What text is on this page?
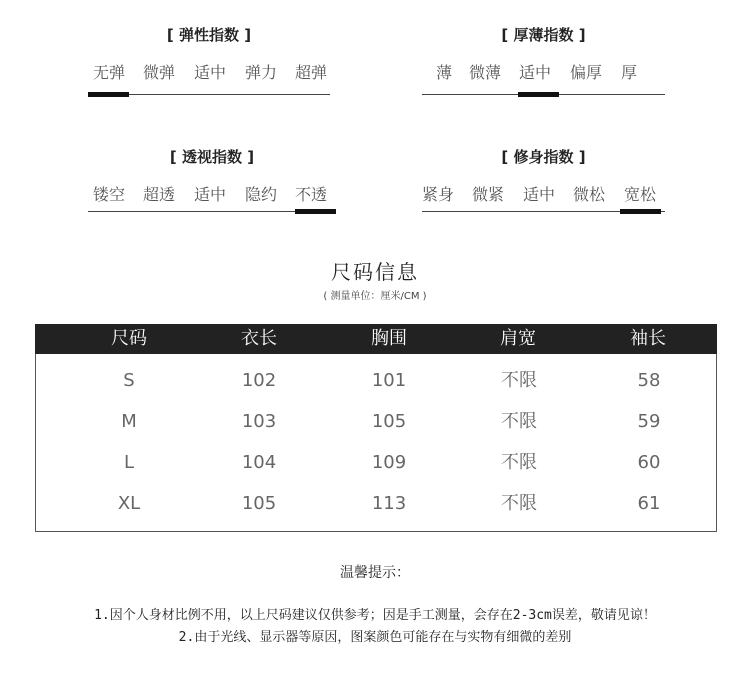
[ 弹性指数 ]
无弹 微弹 适中 弹力 超弹
[ 厚薄指数 ]
薄 微薄 适中 偏厚 厚
[ 透视指数 ]
镂空 超透 适中 隐约 不透
[ 修身指数 ]
紧身 微紧 适中 微松 宽松
尺码信息
( 测量单位：厘米/CM )
尺码	衣长	胸围	肩宽	袖长
S	102	101	不限	58
M	103	105	不限	59
L	104	109	不限	60
XL	105	113	不限	61
温馨提示：
1.因个人身材比例不用，以上尺码建议仅供参考；因是手工测量，会存在2-3cm误差，敬请见谅！
2.由于光线、显示器等原因，图案颜色可能存在与实物有细微的差别
